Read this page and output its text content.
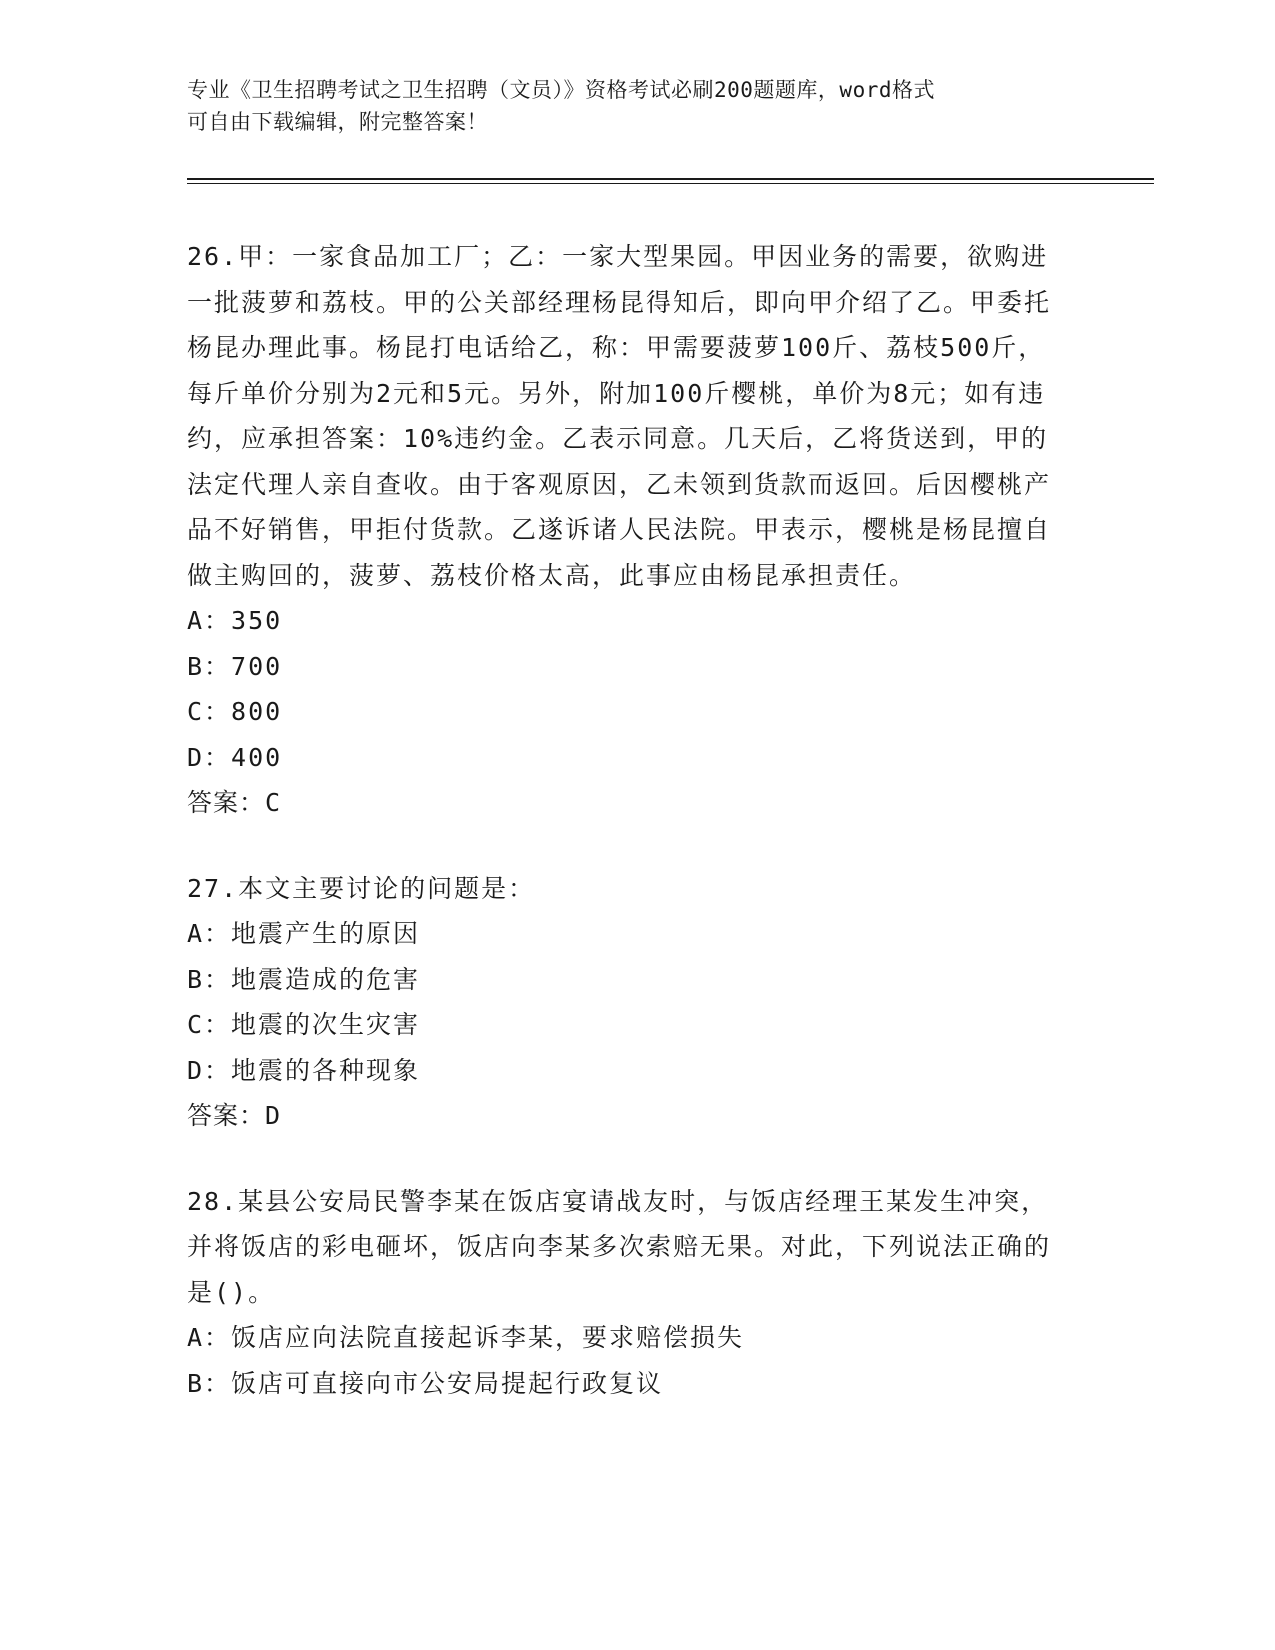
专业《卫生招聘考试之卫生招聘（文员）》资格考试必刷200题题库，word格式
可自由下载编辑，附完整答案！
26.甲：一家食品加工厂；乙：一家大型果园。甲因业务的需要，欲购进一批菠萝和荔枝。甲的公关部经理杨昆得知后，即向甲介绍了乙。甲委托杨昆办理此事。杨昆打电话给乙，称：甲需要菠萝100斤、荔枝500斤，每斤单价分别为2元和5元。另外，附加100斤樱桃，单价为8元；如有违约，应承担答案：10%违约金。乙表示同意。几天后，乙将货送到，甲的法定代理人亲自查收。由于客观原因，乙未领到货款而返回。后因樱桃产品不好销售，甲拒付货款。乙遂诉诸人民法院。甲表示，樱桃是杨昆擅自做主购回的，菠萝、荔枝价格太高，此事应由杨昆承担责任。
A：350
B：700
C：800
D：400
答案：C
27.本文主要讨论的问题是：
A：地震产生的原因
B：地震造成的危害
C：地震的次生灾害
D：地震的各种现象
答案：D
28.某县公安局民警李某在饭店宴请战友时，与饭店经理王某发生冲突，并将饭店的彩电砸坏，饭店向李某多次索赔无果。对此，下列说法正确的是()。
A：饭店应向法院直接起诉李某，要求赔偿损失
B：饭店可直接向市公安局提起行政复议
